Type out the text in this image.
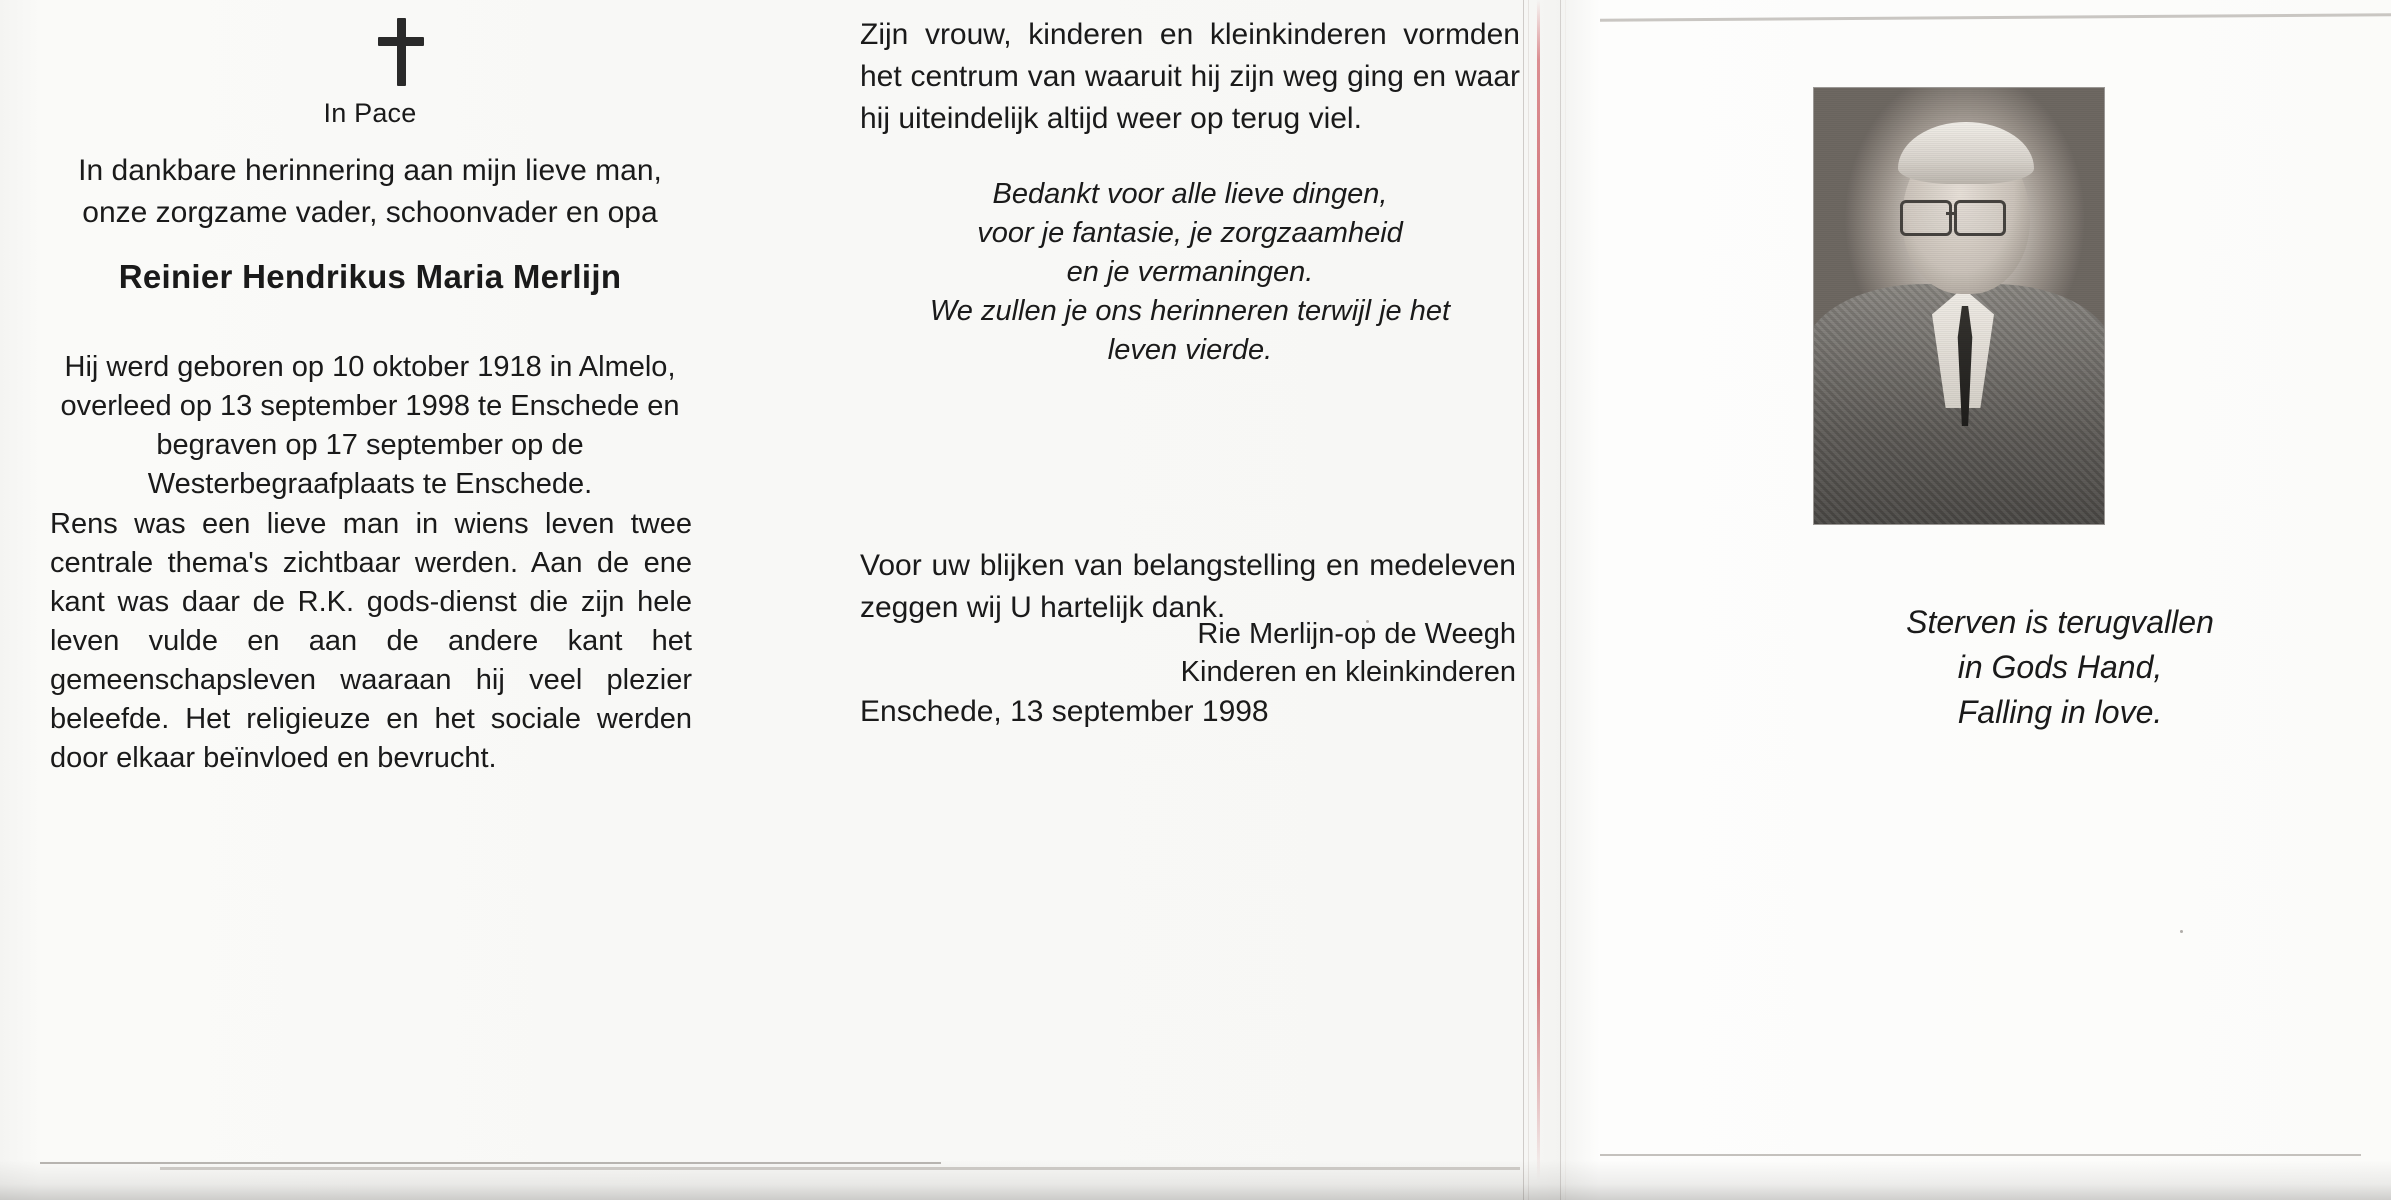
In Pace
In dankbare herinnering aan mijn lieve man, onze zorgzame vader, schoonvader en opa
Reinier Hendrikus Maria Merlijn
Hij werd geboren op 10 oktober 1918 in Almelo, overleed op 13 september 1998 te Enschede en begraven op 17 september op de Westerbegraafplaats te Enschede.
Rens was een lieve man in wiens leven twee centrale thema's zichtbaar werden. Aan de ene kant was daar de R.K. gods-dienst die zijn hele leven vulde en aan de andere kant het gemeenschapsleven waaraan hij veel plezier beleefde. Het religieuze en het sociale werden door elkaar beïnvloed en bevrucht.
Zijn vrouw, kinderen en kleinkinderen vormden het centrum van waaruit hij zijn weg ging en waar hij uiteindelijk altijd weer op terug viel.
Bedankt voor alle lieve dingen,
voor je fantasie, je zorgzaamheid
en je vermaningen.
We zullen je ons herinneren terwijl je het
leven vierde.
Voor uw blijken van belangstelling en medeleven zeggen wij U hartelijk dank.
Rie Merlijn-op de Weegh
Kinderen en kleinkinderen
Enschede, 13 september 1998
Sterven is terugvallen
in Gods Hand,
Falling in love.
